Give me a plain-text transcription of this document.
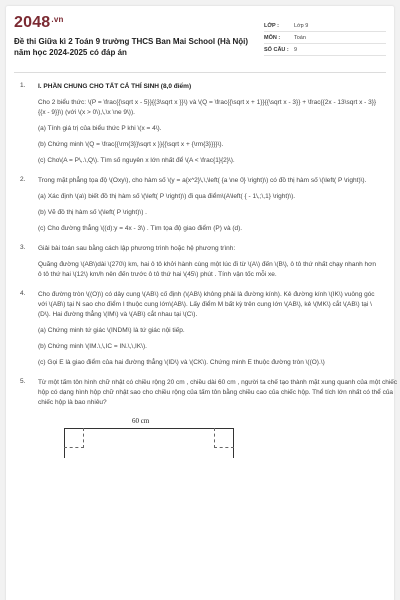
$2048^{.vn}$
Đề thi Giữa kì 2 Toán 9 trường THCS Ban Mai School (Hà Nội) năm học 2024-2025 có đáp án
LỚP :	Lớp 9
MÔN :	Toán
SỐ CÂU : 9
1.	I. PHẦN CHUNG CHO TẤT CẢ THÍ SINH (8,0 điểm)

Cho 2 biểu thức: \(P = \frac{{\sqrt x - 5}}{{3\sqrt x }}\) và \(Q = \frac{{\sqrt x + 1}}{{\sqrt x - 3}} + \frac{{2x - 13\sqrt x - 3}}{{x - 9}}\) (với \(x > 0\),\,\x \ne 9\)).

(a) Tính giá trị của biểu thức P khi \(x = 4\).

(b) Chứng minh \(Q = \frac{{\rm{3}}\sqrt x }}{{\sqrt x + {\rm{3}}}}\).

(c) Cho\(A = P\,.\,Q\). Tìm số nguyên x lớn nhất để \(A < \frac{1}{2}\).

2.	Trong mặt phẳng tọa độ \(Oxy\), cho hàm số \(y = a{x^2}\,\,\left( {a \ne 0} \right)\) có đồ thị hàm số \(\left( P \right)\).

(a) Xác định \(a\) biết đồ thị hàm số \(\left( P \right)\) đi qua điểm\(A\left( { - 1\,;\,1} \right)\).

(b) Vẽ đồ thị hàm số \(\left( P \right)\) .

(c) Cho đường thẳng \((d):y = 4x - 3\) . Tìm tọa độ giao điểm (P) và (d).

3.	Giải bài toán sau bằng cách lập phương trình hoặc hệ phương trình:

Quãng đường \(AB\)dài \(270\) km, hai ô tô khởi hành cùng một lúc đi từ \(A\) đến \(B\), ô tô thứ nhất chạy nhanh hơn ô tô thứ hai \(12\) km/h nên đến trước ô tô thứ hai \(45\) phút . Tính vận tốc mỗi xe.

4.	Cho đường tròn \((O)\) có dây cung \(AB\) cố định (\(AB\) không phải là đường kính). Kẻ đường kính \(IK\) vuông góc với \(AB\) tại N sao cho điểm I thuộc cung lớn\(AB\). Lấy điểm M bất kỳ trên cung lớn \(AB\), kẻ \(MK\) cắt \(AB\) tại \(D\). Hai đường thẳng \(IM\) và \(AB\) cắt nhau tại \(C\).

(a) Chứng minh tứ giác \(INDM\) là tứ giác nội tiếp.

(b) Chứng minh \(IM.\,\,IC = IN.\,\,IK\).

(c) Gọi E là giao điểm của hai đường thẳng \(ID\) và \(CK\). Chứng minh E thuộc đường tròn \((O).\)

5.	Từ một tấm tôn hình chữ nhật có chiều rộng 20 cm , chiều dài 60 cm , người ta chế tạo thành mặt xung quanh của một chiếc hộp có dạng hình hộp chữ nhật sao cho chiều rộng của tấm tôn bằng chiều cao của chiếc hộp. Thể tích lớn nhất có thể của chiếc hộp là bao nhiêu?

60 cm
